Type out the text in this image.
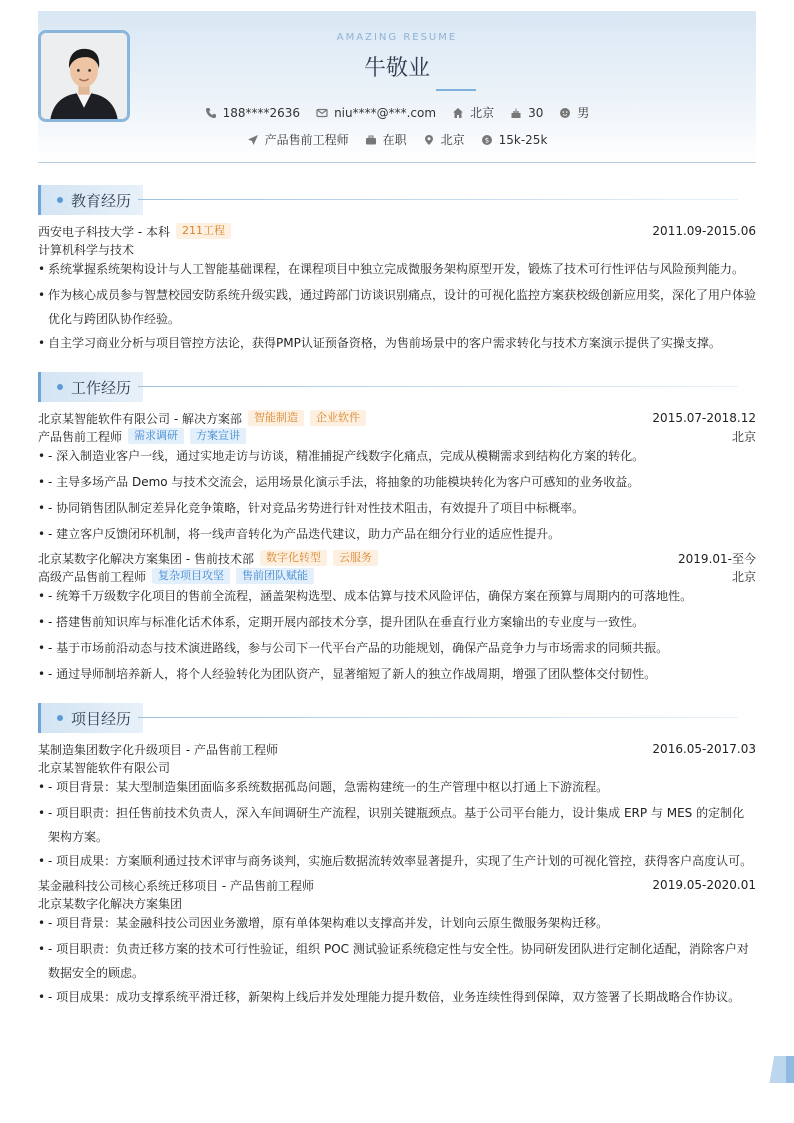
AMAZING RESUME
牛敬业
188****2636	niu****@***.com	北京	30	男
产品售前工程师	在职	北京	$ 15k-25k
教育经历
西安电子科技大学 - 本科	211工程	2011.09-2015.06
计算机科学与技术
• 系统掌握系统架构设计与人工智能基础课程，在课程项目中独立完成微服务架构原型开发，锻炼了技术可行性评估与风险预判能力。
• 作为核心成员参与智慧校园安防系统升级实践，通过跨部门访谈识别痛点，设计的可视化监控方案获校级创新应用奖，深化了用户体验优化与跨团队协作经验。
• 自主学习商业分析与项目管控方法论，获得PMP认证预备资格，为售前场景中的客户需求转化与技术方案演示提供了实操支撑。
工作经历
北京某智能软件有限公司 - 解决方案部	智能制造	企业软件	2015.07-2018.12
产品售前工程师	需求调研	方案宣讲	北京
• - 深入制造业客户一线，通过实地走访与访谈，精准捕捉产线数字化痛点，完成从模糊需求到结构化方案的转化。
• - 主导多场产品 Demo 与技术交流会，运用场景化演示手法，将抽象的功能模块转化为客户可感知的业务收益。
• - 协同销售团队制定差异化竞争策略，针对竞品劣势进行针对性技术阻击，有效提升了项目中标概率。
• - 建立客户反馈闭环机制，将一线声音转化为产品迭代建议，助力产品在细分行业的适应性提升。
北京某数字化解决方案集团 - 售前技术部	数字化转型	云服务	2019.01-至今
高级产品售前工程师	复杂项目攻坚	售前团队赋能	北京
• - 统筹千万级数字化项目的售前全流程，涵盖架构选型、成本估算与技术风险评估，确保方案在预算与周期内的可落地性。
• - 搭建售前知识库与标准化话术体系，定期开展内部技术分享，提升团队在垂直行业方案输出的专业度与一致性。
• - 基于市场前沿动态与技术演进路线，参与公司下一代平台产品的功能规划，确保产品竞争力与市场需求的同频共振。
• - 通过导师制培养新人，将个人经验转化为团队资产，显著缩短了新人的独立作战周期，增强了团队整体交付韧性。
项目经历
某制造集团数字化升级项目 - 产品售前工程师	2016.05-2017.03
北京某智能软件有限公司
• - 项目背景：某大型制造集团面临多系统数据孤岛问题，急需构建统一的生产管理中枢以打通上下游流程。
• - 项目职责：担任售前技术负责人，深入车间调研生产流程，识别关键瓶颈点。基于公司平台能力，设计集成 ERP 与 MES 的定制化架构方案。
• - 项目成果：方案顺利通过技术评审与商务谈判，实施后数据流转效率显著提升，实现了生产计划的可视化管控，获得客户高度认可。
某金融科技公司核心系统迁移项目 - 产品售前工程师	2019.05-2020.01
北京某数字化解决方案集团
• - 项目背景：某金融科技公司因业务激增，原有单体架构难以支撑高并发，计划向云原生微服务架构迁移。
• - 项目职责：负责迁移方案的技术可行性验证，组织 POC 测试验证系统稳定性与安全性。协同研发团队进行定制化适配，消除客户对数据安全的顾虑。
• - 项目成果：成功支撑系统平滑迁移，新架构上线后并发处理能力提升数倍，业务连续性得到保障，双方签署了长期战略合作协议。
